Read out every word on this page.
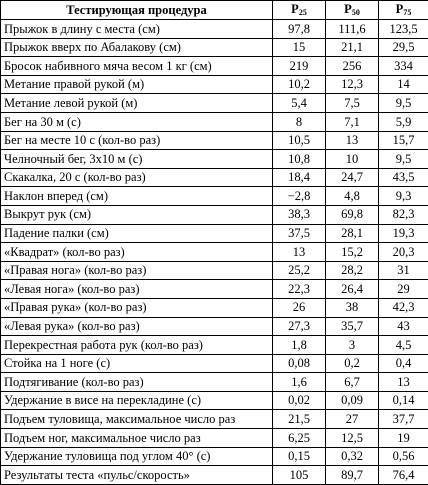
Тестирующая процедура	$P_{25}$	$P_{50}$	$P_{75}$
Прыжок в длину с места (см)	97,8	111,6	123,5
Прыжок вверх по Абалакову (см)	15	21,1	29,5
Бросок набивного мяча весом 1 кг (см)	219	256	334
Метание правой рукой (м)	10,2	12,3	14
Метание левой рукой (м)	5,4	7,5	9,5
Бег на 30 м (с)	8	7,1	5,9
Бег на месте 10 с (кол-во раз)	10,5	13	15,7
Челночный бег, 3x10 м (с)	10,8	10	9,5
Скакалка, 20 с (кол-во раз)	18,4	24,7	43,5
Наклон вперед (см)	−2,8	4,8	9,3
Выкрут рук (см)	38,3	69,8	82,3
Падение палки (см)	37,5	28,1	19,3
«Квадрат» (кол-во раз)	13	15,2	20,3
«Правая нога» (кол-во раз)	25,2	28,2	31
«Левая нога» (кол-во раз)	22,3	26,4	29
«Правая рука» (кол-во раз)	26	38	42,3
«Левая рука» (кол-во раз)	27,3	35,7	43
Перекрестная работа рук (кол-во раз)	1,8	3	4,5
Стойка на 1 ноге (с)	0,08	0,2	0,4
Подтягивание (кол-во раз)	1,6	6,7	13
Удержание в висе на перекладине (с)	0,02	0,09	0,14
Подъем туловища, максимальное число раз	21,5	27	37,7
Подъем ног, максимальное число раз	6,25	12,5	19
Удержание туловища под углом 40° (с)	0,15	0,32	0,56
Результаты теста «пульс/скорость»	105	89,7	76,4
